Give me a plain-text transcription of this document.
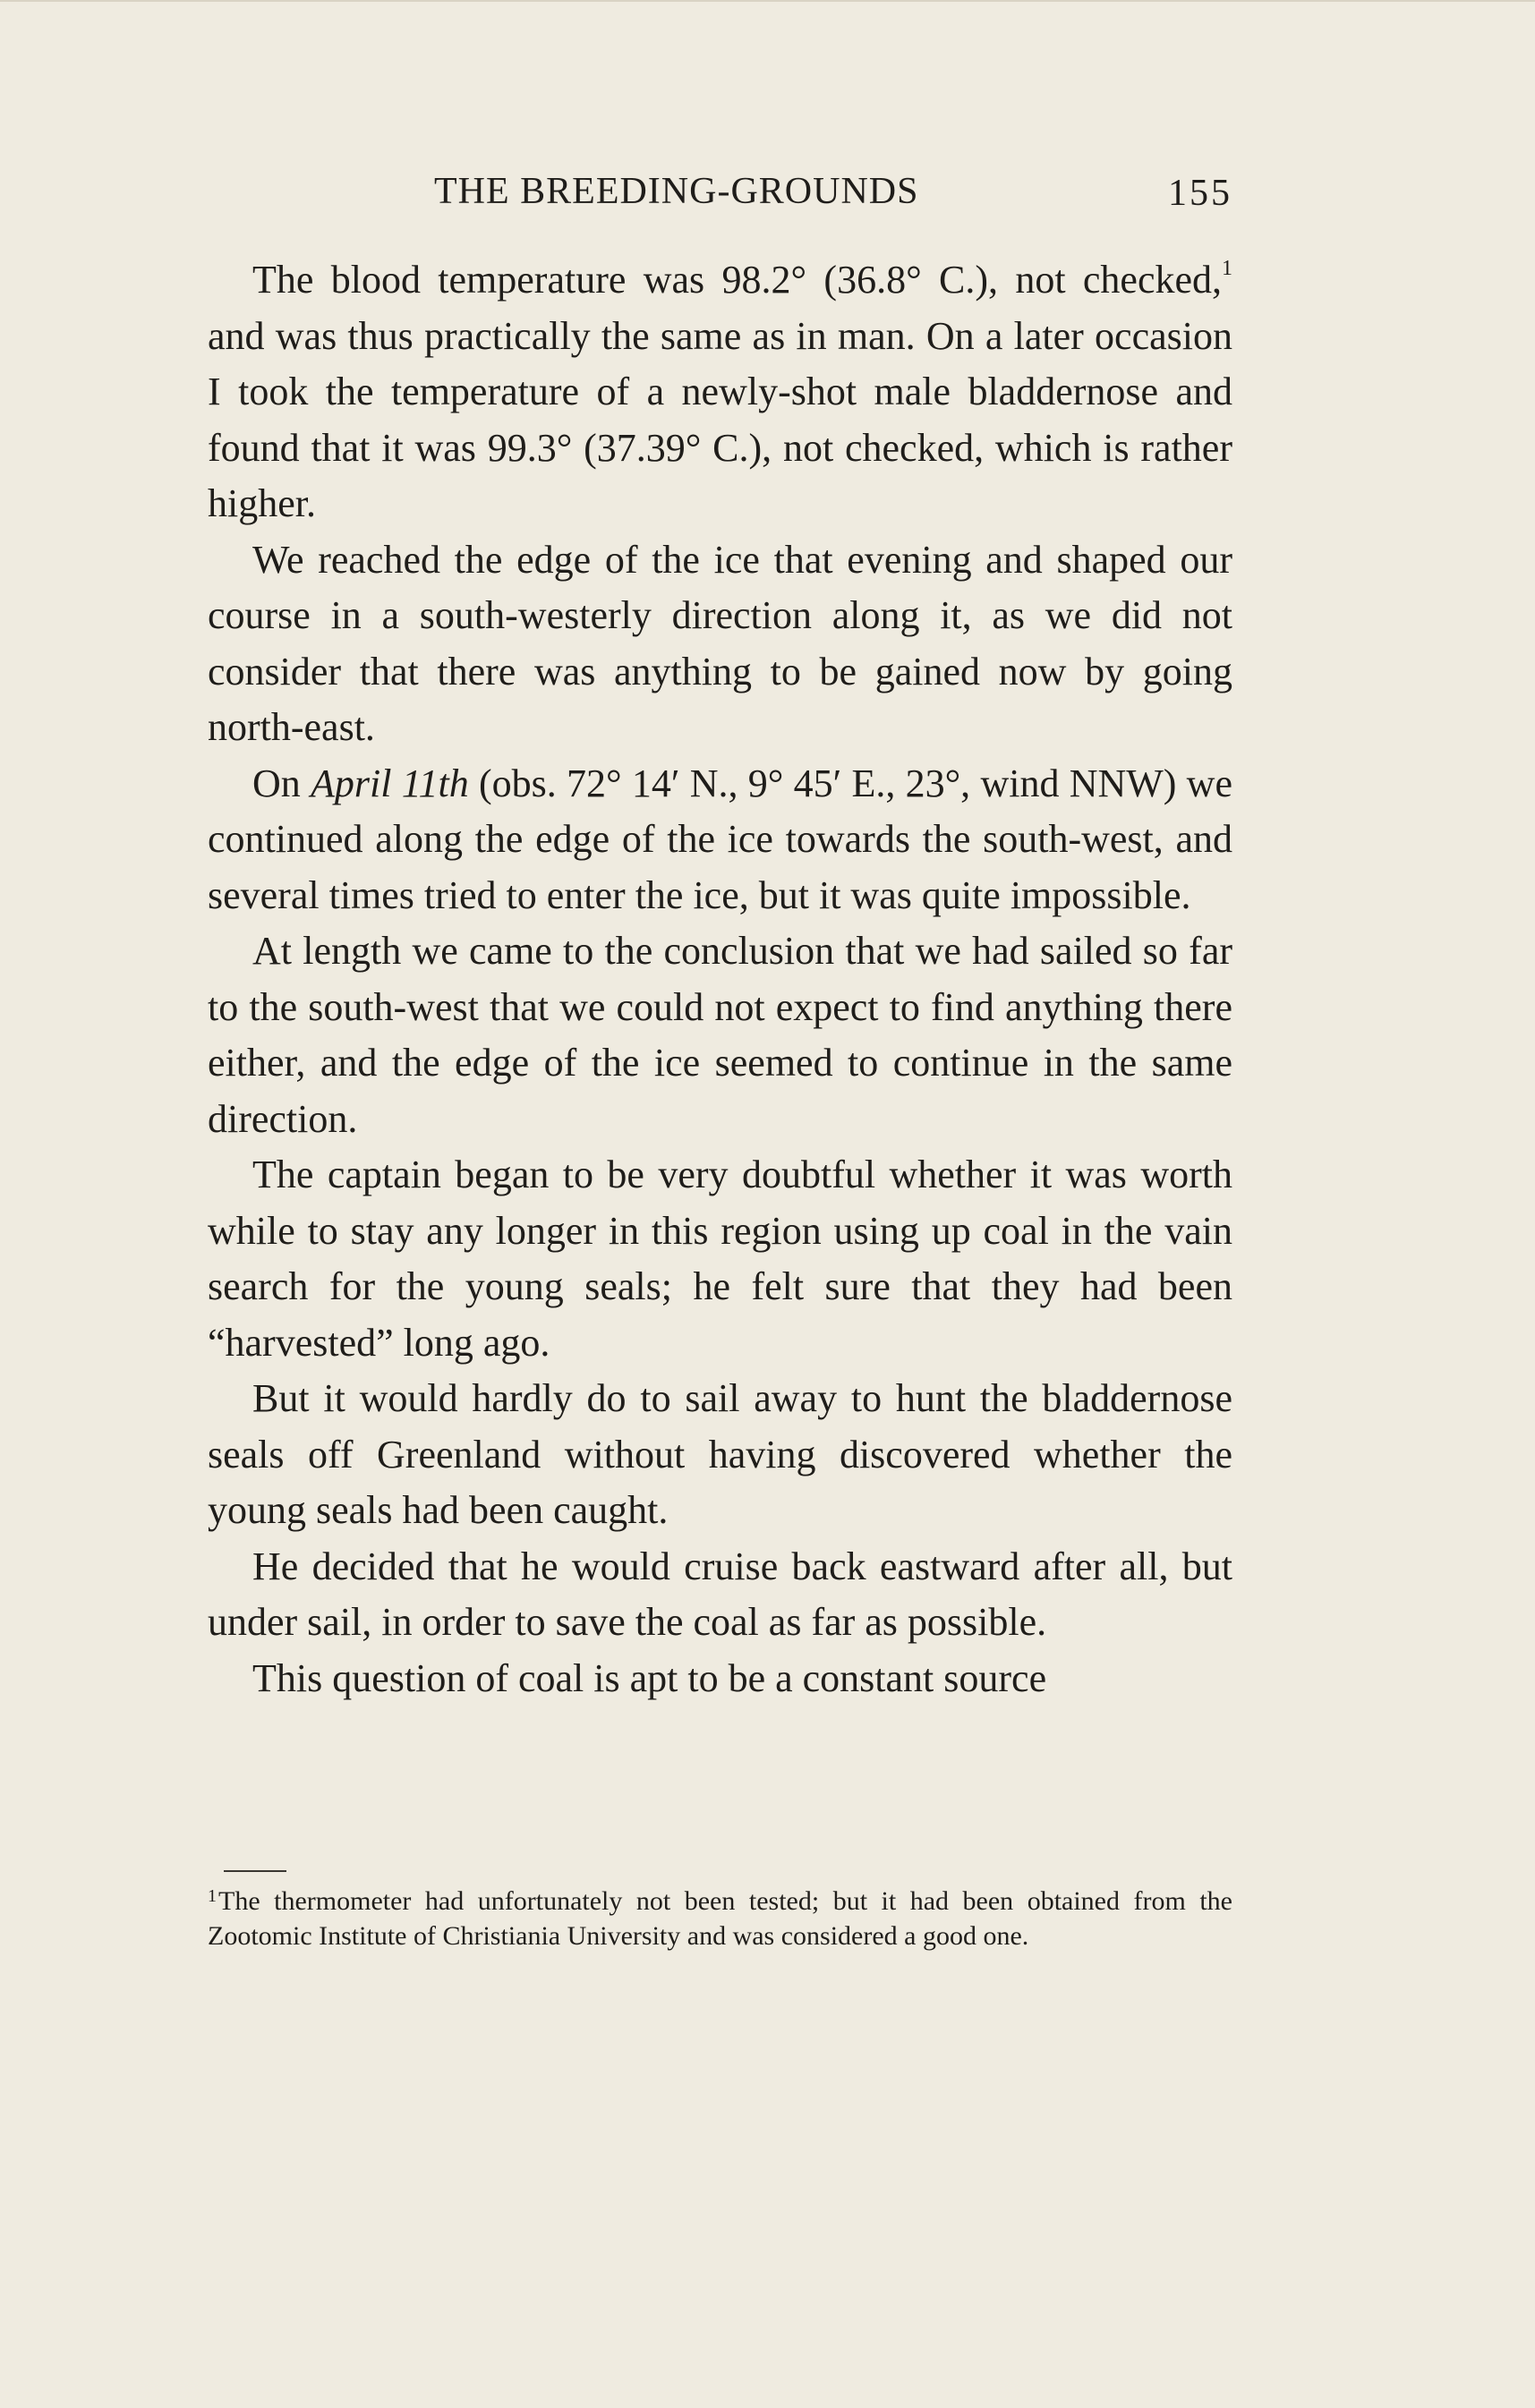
THE BREEDING-GROUNDS	155

The blood temperature was 98.2° (36.8° C.), not checked,$^1$ and was thus practically the same as in man. On a later occasion I took the temperature of a newly-shot male bladdernose and found that it was 99.3° (37.39° C.), not checked, which is rather higher.

We reached the edge of the ice that evening and shaped our course in a south-westerly direction along it, as we did not consider that there was anything to be gained now by going north-east.

On April 11th (obs. 72° 14′ N., 9° 45′ E., 23°, wind NNW) we continued along the edge of the ice towards the south-west, and several times tried to enter the ice, but it was quite impossible.

At length we came to the conclusion that we had sailed so far to the south-west that we could not expect to find anything there either, and the edge of the ice seemed to continue in the same direction.

The captain began to be very doubtful whether it was worth while to stay any longer in this region using up coal in the vain search for the young seals; he felt sure that they had been “harvested” long ago.

But it would hardly do to sail away to hunt the bladdernose seals off Greenland without having discovered whether the young seals had been caught.

He decided that he would cruise back eastward after all, but under sail, in order to save the coal as far as possible.

This question of coal is apt to be a constant source

$^1$The thermometer had unfortunately not been tested; but it had been obtained from the Zootomic Institute of Christiania University and was considered a good one.
